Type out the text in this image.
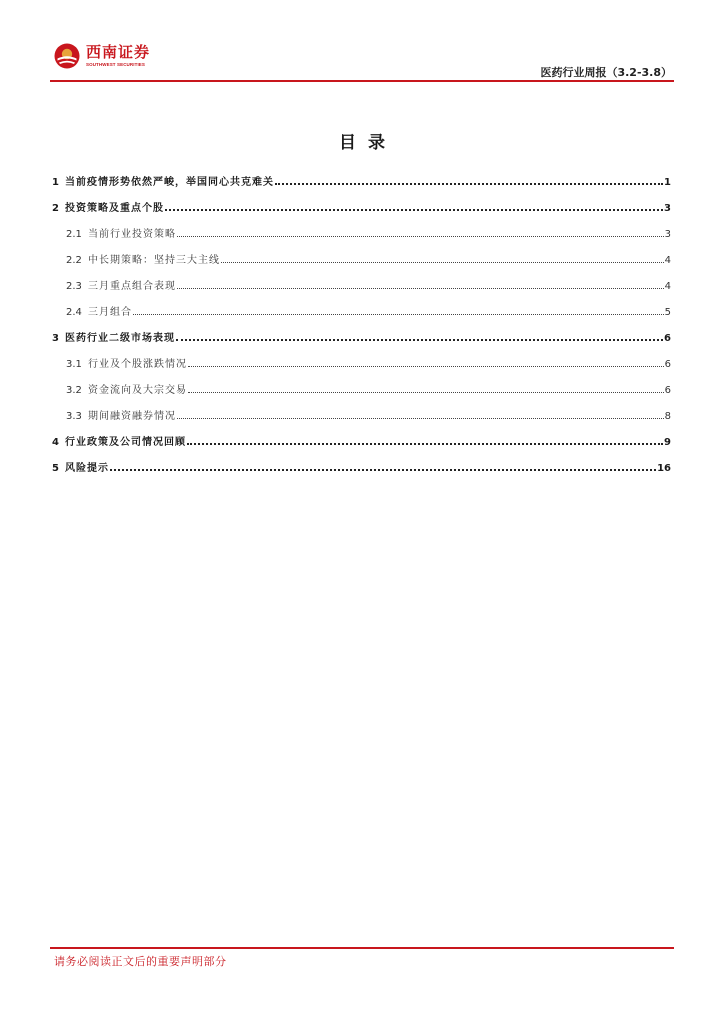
西南证券
SOUTHWEST SECURITIES
医药行业周报（3.2-3.8）
目录
1 当前疫情形势依然严峻，举国同心共克难关	1
2 投资策略及重点个股	3
2.1 当前行业投资策略	3
2.2 中长期策略：坚持三大主线	4
2.3 三月重点组合表现	4
2.4 三月组合	5
3 医药行业二级市场表现	6
3.1 行业及个股涨跌情况	6
3.2 资金流向及大宗交易	6
3.3 期间融资融券情况	8
4 行业政策及公司情况回顾	9
5 风险提示	16
请务必阅读正文后的重要声明部分
